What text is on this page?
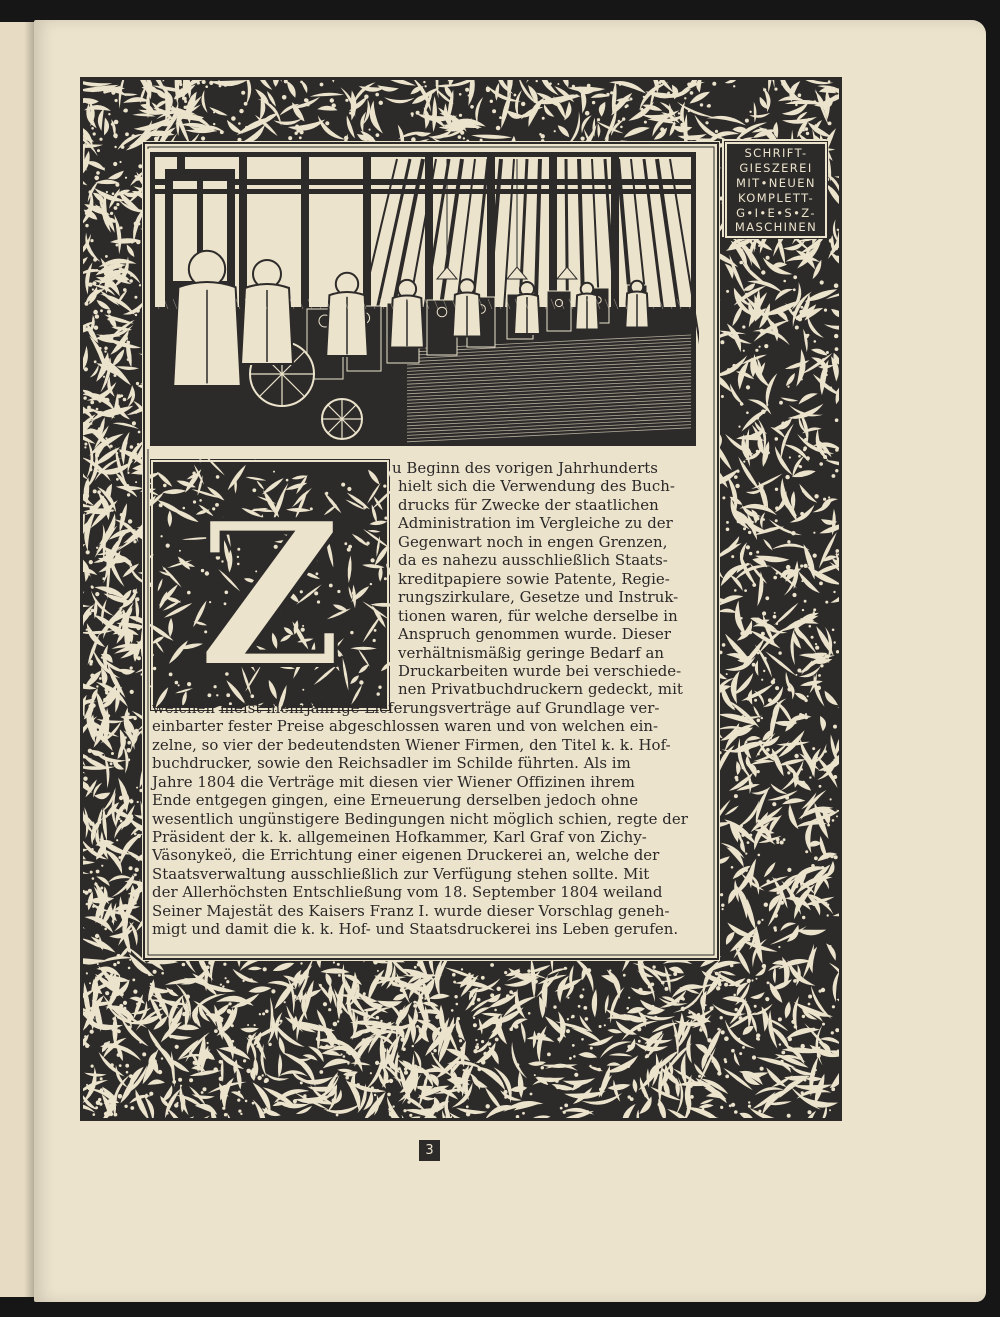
SCHRIFT-
GIESZEREI
MIT•NEUEN
KOMPLETT-
G•I•E•S•Z-
MASCHINEN
Z
u Beginn des vorigen Jahrhunderts
hielt sich die Verwendung des Buch-
drucks für Zwecke der staatlichen
Administration im Vergleiche zu der
Gegenwart noch in engen Grenzen,
da es nahezu ausschließlich Staats-
kreditpapiere sowie Patente, Regie-
rungszirkulare, Gesetze und Instruk-
tionen waren, für welche derselbe in
Anspruch genommen wurde. Dieser
verhältnismäßig geringe Bedarf an
Druckarbeiten wurde bei verschiede-
nen Privatbuchdruckern gedeckt, mit
welchen meist mehrjährige Lieferungsverträge auf Grundlage ver-
einbarter fester Preise abgeschlossen waren und von welchen ein-
zelne, so vier der bedeutendsten Wiener Firmen, den Titel k. k. Hof-
buchdrucker, sowie den Reichsadler im Schilde führten. Als im
Jahre 1804 die Verträge mit diesen vier Wiener Offizinen ihrem
Ende entgegen gingen, eine Erneuerung derselben jedoch ohne
wesentlich ungünstigere Bedingungen nicht möglich schien, regte der
Präsident der k. k. allgemeinen Hofkammer, Karl Graf von Zichy-
Väsonykeö, die Errichtung einer eigenen Druckerei an, welche der
Staatsverwaltung ausschließlich zur Verfügung stehen sollte. Mit
der Allerhöchsten Entschließung vom 18. September 1804 weiland
Seiner Majestät des Kaisers Franz I. wurde dieser Vorschlag geneh-
migt und damit die k. k. Hof- und Staatsdruckerei ins Leben gerufen.
3
